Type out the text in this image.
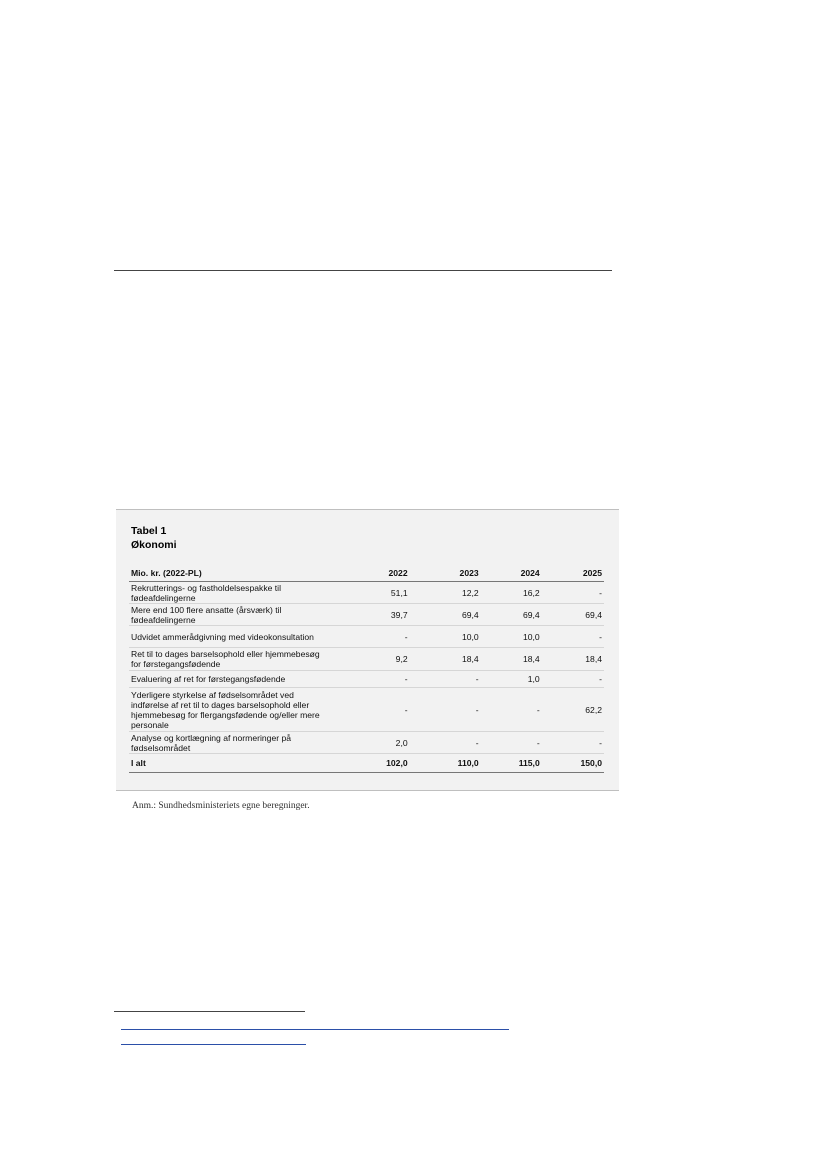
Tabel 1
Økonomi
Mio. kr. (2022-PL)	2022	2023	2024	2025
Rekrutterings- og fastholdelsespakke til fødeafdelingerne	51,1	12,2	16,2	-
Mere end 100 flere ansatte (årsværk) til fødeafdelingerne	39,7	69,4	69,4	69,4
Udvidet ammerådgivning med videokonsultation	-	10,0	10,0	-
Ret til to dages barselsophold eller hjemmebesøg for førstegangsfødende	9,2	18,4	18,4	18,4
Evaluering af ret for førstegangsfødende	-	-	1,0	-
Yderligere styrkelse af fødselsområdet ved indførelse af ret til to dages barselsophold eller hjemmebesøg for flergangsfødende og/eller mere personale	-	-	-	62,2
Analyse og kortlægning af normeringer på fødselsområdet	2,0	-	-	-
I alt	102,0	110,0	115,0	150,0
Anm.: Sundhedsministeriets egne beregninger.
